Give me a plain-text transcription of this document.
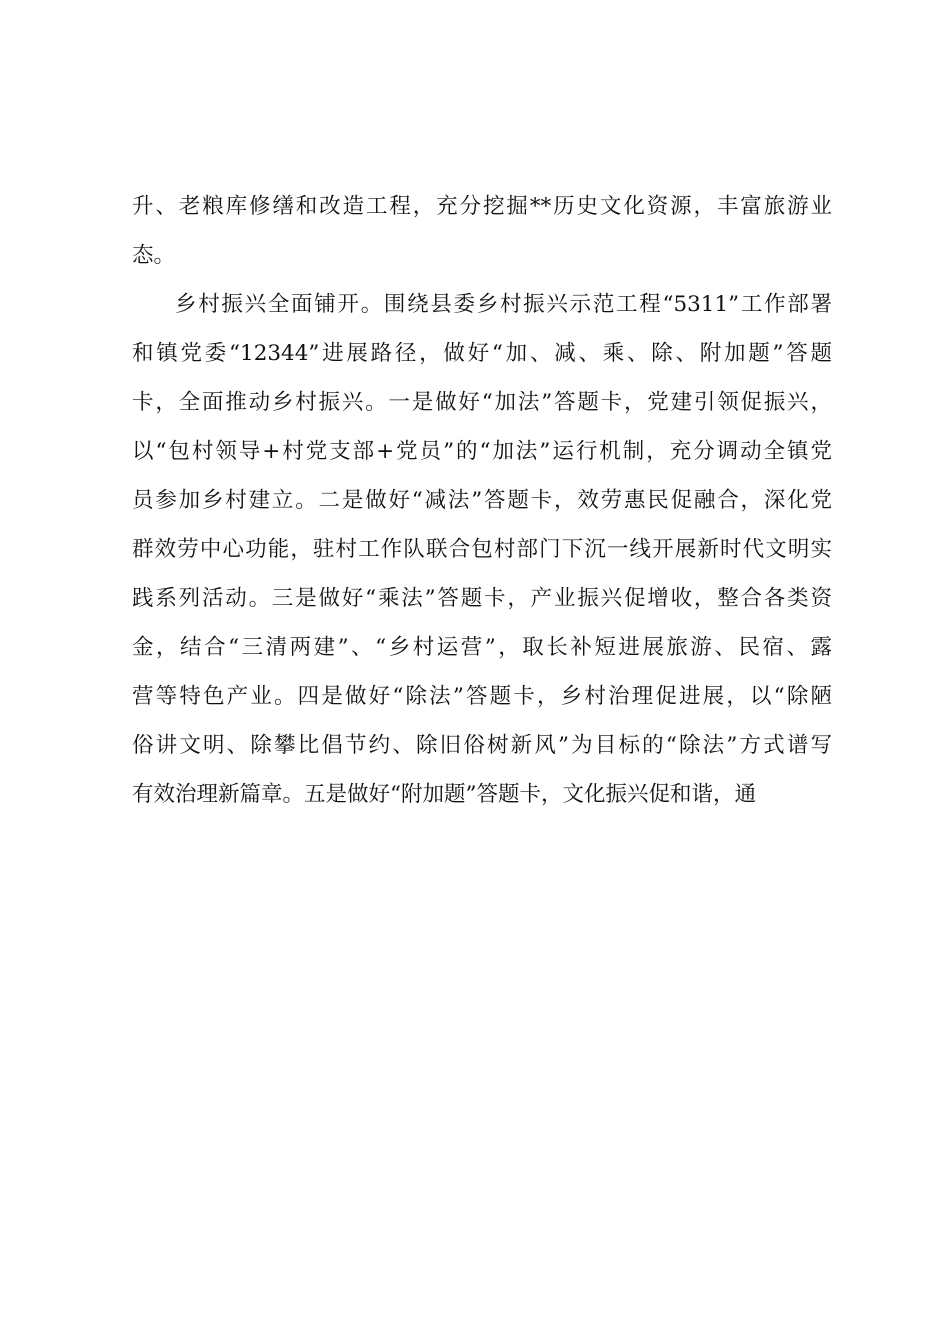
升、老粮库修缮和改造工程，充分挖掘**历史文化资源，丰富旅游业
态。
乡村振兴全面铺开。围绕县委乡村振兴示范工程“5311”工作部署
和镇党委“12344”进展路径，做好“加、减、乘、除、附加题”答题
卡，全面推动乡村振兴。一是做好“加法”答题卡，党建引领促振兴，
以“包村领导+村党支部+党员”的“加法”运行机制，充分调动全镇党
员参加乡村建立。二是做好“减法”答题卡，效劳惠民促融合，深化党
群效劳中心功能，驻村工作队联合包村部门下沉一线开展新时代文明实
践系列活动。三是做好“乘法”答题卡，产业振兴促增收，整合各类资
金，结合“三清两建”、“乡村运营”，取长补短进展旅游、民宿、露
营等特色产业。四是做好“除法”答题卡，乡村治理促进展，以“除陋
俗讲文明、除攀比倡节约、除旧俗树新风”为目标的“除法”方式谱写
有效治理新篇章。五是做好“附加题”答题卡，文化振兴促和谐，通
